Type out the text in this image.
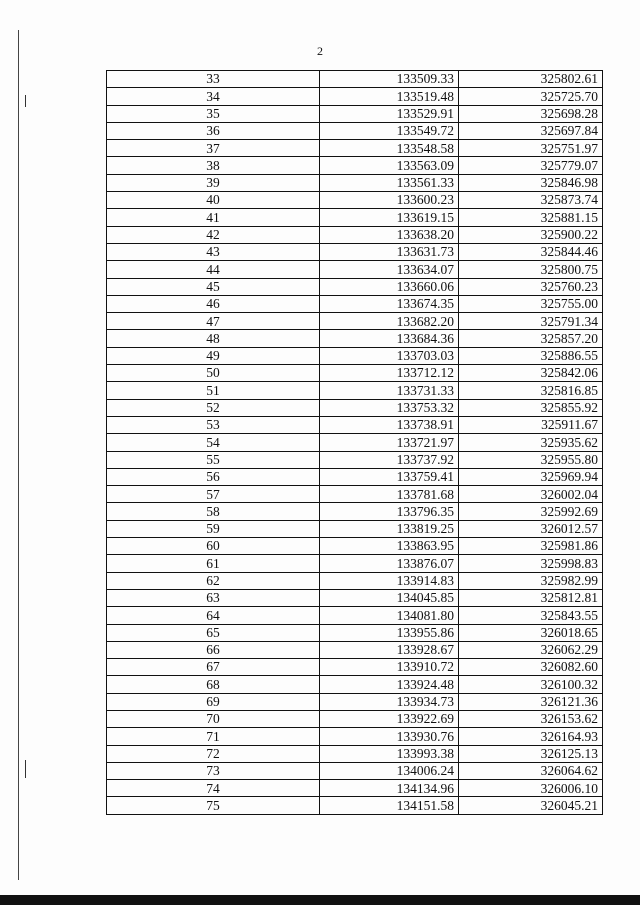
2
33	133509.33	325802.61
34	133519.48	325725.70
35	133529.91	325698.28
36	133549.72	325697.84
37	133548.58	325751.97
38	133563.09	325779.07
39	133561.33	325846.98
40	133600.23	325873.74
41	133619.15	325881.15
42	133638.20	325900.22
43	133631.73	325844.46
44	133634.07	325800.75
45	133660.06	325760.23
46	133674.35	325755.00
47	133682.20	325791.34
48	133684.36	325857.20
49	133703.03	325886.55
50	133712.12	325842.06
51	133731.33	325816.85
52	133753.32	325855.92
53	133738.91	325911.67
54	133721.97	325935.62
55	133737.92	325955.80
56	133759.41	325969.94
57	133781.68	326002.04
58	133796.35	325992.69
59	133819.25	326012.57
60	133863.95	325981.86
61	133876.07	325998.83
62	133914.83	325982.99
63	134045.85	325812.81
64	134081.80	325843.55
65	133955.86	326018.65
66	133928.67	326062.29
67	133910.72	326082.60
68	133924.48	326100.32
69	133934.73	326121.36
70	133922.69	326153.62
71	133930.76	326164.93
72	133993.38	326125.13
73	134006.24	326064.62
74	134134.96	326006.10
75	134151.58	326045.21
